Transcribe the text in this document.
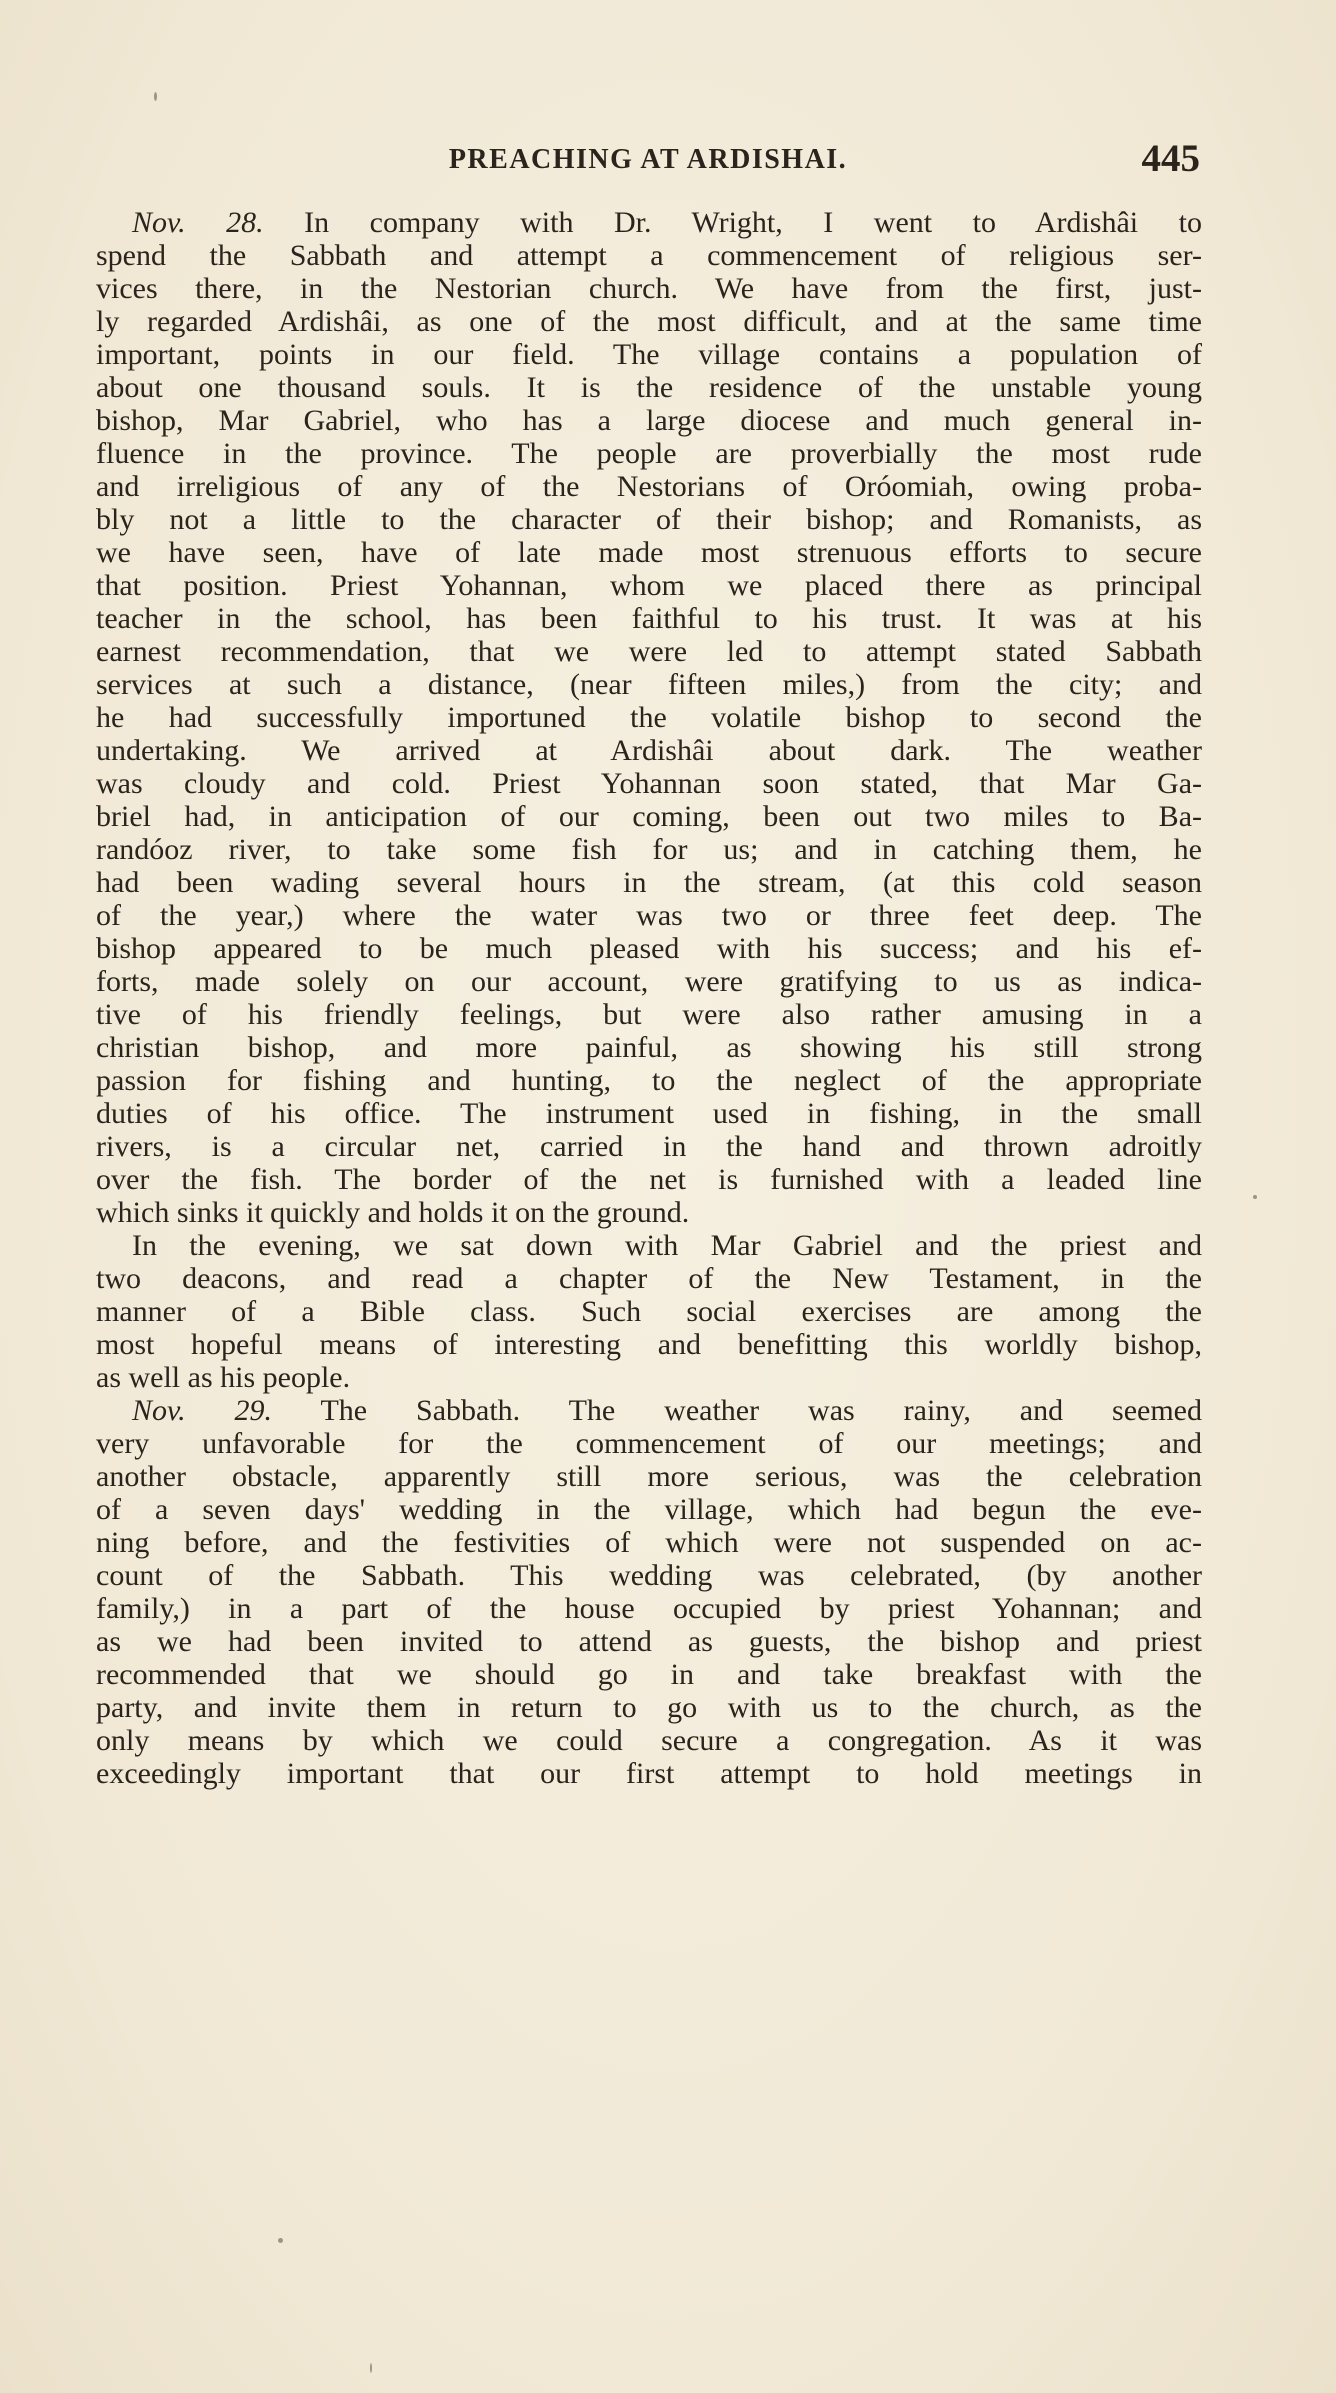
PREACHING AT ARDISHAI.	445
Nov. 28. In company with Dr. Wright, I went to Ardishâi to
spend the Sabbath and attempt a commencement of religious ser-
vices there, in the Nestorian church. We have from the first, just-
ly regarded Ardishâi, as one of the most difficult, and at the same time
important, points in our field. The village contains a population of
about one thousand souls. It is the residence of the unstable young
bishop, Mar Gabriel, who has a large diocese and much general in-
fluence in the province. The people are proverbially the most rude
and irreligious of any of the Nestorians of Oróomiah, owing proba-
bly not a little to the character of their bishop; and Romanists, as
we have seen, have of late made most strenuous efforts to secure
that position. Priest Yohannan, whom we placed there as principal
teacher in the school, has been faithful to his trust. It was at his
earnest recommendation, that we were led to attempt stated Sabbath
services at such a distance, (near fifteen miles,) from the city; and
he had successfully importuned the volatile bishop to second the
undertaking. We arrived at Ardishâi about dark. The weather
was cloudy and cold. Priest Yohannan soon stated, that Mar Ga-
briel had, in anticipation of our coming, been out two miles to Ba-
randóoz river, to take some fish for us; and in catching them, he
had been wading several hours in the stream, (at this cold season
of the year,) where the water was two or three feet deep. The
bishop appeared to be much pleased with his success; and his ef-
forts, made solely on our account, were gratifying to us as indica-
tive of his friendly feelings, but were also rather amusing in a
christian bishop, and more painful, as showing his still strong
passion for fishing and hunting, to the neglect of the appropriate
duties of his office. The instrument used in fishing, in the small
rivers, is a circular net, carried in the hand and thrown adroitly
over the fish. The border of the net is furnished with a leaded line
which sinks it quickly and holds it on the ground.
In the evening, we sat down with Mar Gabriel and the priest and
two deacons, and read a chapter of the New Testament, in the
manner of a Bible class. Such social exercises are among the
most hopeful means of interesting and benefitting this worldly bishop,
as well as his people.
Nov. 29. The Sabbath. The weather was rainy, and seemed
very unfavorable for the commencement of our meetings; and
another obstacle, apparently still more serious, was the celebration
of a seven days' wedding in the village, which had begun the eve-
ning before, and the festivities of which were not suspended on ac-
count of the Sabbath. This wedding was celebrated, (by another
family,) in a part of the house occupied by priest Yohannan; and
as we had been invited to attend as guests, the bishop and priest
recommended that we should go in and take breakfast with the
party, and invite them in return to go with us to the church, as the
only means by which we could secure a congregation. As it was
exceedingly important that our first attempt to hold meetings in
